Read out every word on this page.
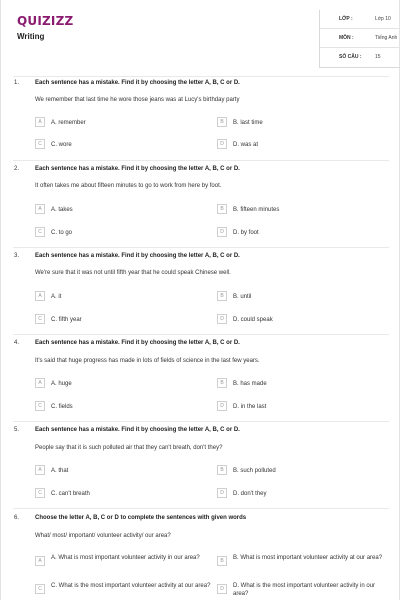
QUIZIZZ
Writing
LỚP :	Lớp 10
MÔN :	Tiếng Anh
SỐ CÂU :	15
1.	Each sentence has a mistake. Find it by choosing the letter A, B, C or D.
We remember that last time he wore those jeans was at Lucy's birthday party
A	A. remember	B	B. last time
C	C. wore	D	D. was at
2.	Each sentence has a mistake. Find it by choosing the letter A, B, C or D.
It often takes me about fifteen minutes to go to work from here by foot.
A	A. takes	B	B. fifteen minutes
C	C. to go	D	D. by foot
3.	Each sentence has a mistake. Find it by choosing the letter A, B, C or D.
We're sure that it was not until fifth year that he could speak Chinese well.
A	A. it	B	B. until
C	C. fifth year	D	D. could speak
4.	Each sentence has a mistake. Find it by choosing the letter A, B, C or D.
It's said that huge progress has made in lots of fields of science in the last few years.
A	A. huge	B	B. has made
C	C. fields	D	D. in the last
5.	Each sentence has a mistake. Find it by choosing the letter A, B, C or D.
People say that it is such polluted air that they can't breath, don't they?
A	A. that	B	B. such polluted
C	C. can't breath	D	D. don't they
6.	Choose the letter A, B, C or D to complete the sentences with given words
What/ most/ important/ volunteer activity/ our area?
A	A. What is most important volunteer activity in our area?	B	B. What is most important volunteer activity at our area?
C	C. What is the most important volunteer activity at our area?	D	D. What is the most important volunteer activity in our area?
